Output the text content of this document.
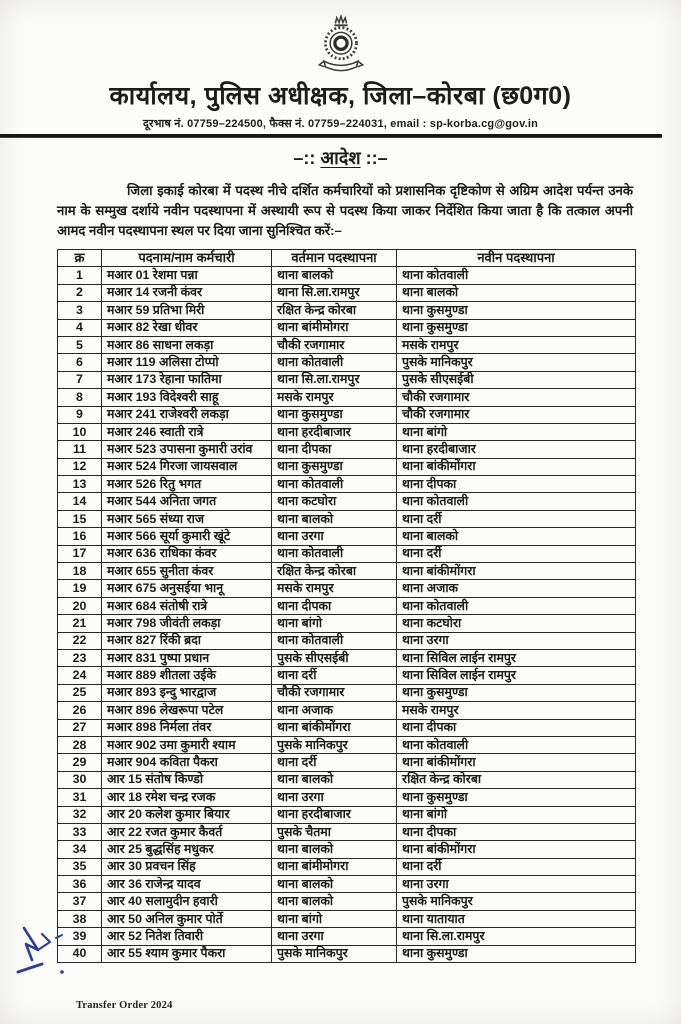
कार्यालय, पुलिस अधीक्षक, जिला–कोरबा (छ0ग0)
दूरभाष नं. 07759–224500, फैक्स नं. 07759–224031, email : sp-korba.cg@gov.in
–:: आदेश ::–
जिला इकाई कोरबा में पदस्थ नीचे दर्शित कर्मचारियों को प्रशासनिक दृष्टिकोण से अग्रिम आदेश पर्यन्त उनके नाम के सम्मुख दर्शाये नवीन पदस्थापना में अस्थायी रूप से पदस्थ किया जाकर निर्देशित किया जाता है कि तत्काल अपनी आमद नवीन पदस्थापना स्थल पर दिया जाना सुनिश्चित करें:–
क्र	पदनाम/नाम कर्मचारी	वर्तमान पदस्थापना	नवीन पदस्थापना
1	मआर 01 रेशमा पन्ना	थाना बालको	थाना कोतवाली
2	मआर 14 रजनी कंवर	थाना सि.ला.रामपुर	थाना बालको
3	मआर 59 प्रतिभा मिरी	रक्षित केन्द्र कोरबा	थाना कुसमुण्डा
4	मआर 82 रेखा धीवर	थाना बांमीमोगरा	थाना कुसमुण्डा
5	मआर 86 साधना लकड़ा	चौकी रजगामार	मसके रामपुर
6	मआर 119 अलिसा टोप्पो	थाना कोतवाली	पुसके मानिकपुर
7	मआर 173 रेहाना फातिमा	थाना सि.ला.रामपुर	पुसके सीएसईबी
8	मआर 193 विदेश्वरी साहू	मसके रामपुर	चौकी रजगामार
9	मआर 241 राजेश्वरी लकड़ा	थाना कुसमुण्डा	चौकी रजगामार
10	मआर 246 स्वाती रात्रे	थाना हरदीबाजार	थाना बांगो
11	मआर 523 उपासना कुमारी उरांव	थाना दीपका	थाना हरदीबाजार
12	मआर 524 गिरजा जायसवाल	थाना कुसमुण्डा	थाना बांकीमोंगरा
13	मआर 526 रितु भगत	थाना कोतवाली	थाना दीपका
14	मआर 544 अनिता जगत	थाना कटघोरा	थाना कोतवाली
15	मआर 565 संध्या राज	थाना बालको	थाना दर्री
16	मआर 566 सूर्या कुमारी खूंटे	थाना उरगा	थाना बालको
17	मआर 636 राधिका कंवर	थाना कोतवाली	थाना दर्री
18	मआर 655 सुनीता कंवर	रक्षित केन्द्र कोरबा	थाना बांकीमोंगरा
19	मआर 675 अनुसईया भानू	मसके रामपुर	थाना अजाक
20	मआर 684 संतोषी रात्रे	थाना दीपका	थाना कोतवाली
21	मआर 798 जीवंती लकड़ा	थाना बांगो	थाना कटघोरा
22	मआर 827 रिंकी ब्रदा	थाना कोतवाली	थाना उरगा
23	मआर 831 पुष्पा प्रधान	पुसके सीएसईबी	थाना सिविल लाईन रामपुर
24	मआर 889 शीतला उईके	थाना दर्री	थाना सिविल लाईन रामपुर
25	मआर 893 इन्दु भारद्वाज	चौकी रजगामार	थाना कुसमुण्डा
26	मआर 896 लेखरूपा पटेल	थाना अजाक	मसके रामपुर
27	मआर 898 निर्मला तंवर	थाना बांकीमोंगरा	थाना दीपका
28	मआर 902 उमा कुमारी श्याम	पुसके मानिकपुर	थाना कोतवाली
29	मआर 904 कविता पैकरा	थाना दर्री	थाना बांकीमोंगरा
30	आर 15 संतोष किण्डो	थाना बालको	रक्षित केन्द्र कोरबा
31	आर 18 रमेश चन्द्र रजक	थाना उरगा	थाना कुसमुण्डा
32	आर 20 कलेश कुमार बियार	थाना हरदीबाजार	थाना बांगो
33	आर 22 रजत कुमार कैवर्त	पुसके चैतमा	थाना दीपका
34	आर 25 बुद्धसिंह मधुकर	थाना बालको	थाना बांकीमोंगरा
35	आर 30 प्रवचन सिंह	थाना बांमीमोगरा	थाना दर्री
36	आर 36 राजेन्द्र यादव	थाना बालको	थाना उरगा
37	आर 40 सलामुदीन हवारी	थाना बालको	पुसके मानिकपुर
38	आर 50 अनिल कुमार पोर्ते	थाना बांगो	थाना यातायात
39	आर 52 नितेश तिवारी	थाना उरगा	थाना सि.ला.रामपुर
40	आर 55 श्याम कुमार पैकरा	पुसके मानिकपुर	थाना कुसमुण्डा
Transfer Order 2024
